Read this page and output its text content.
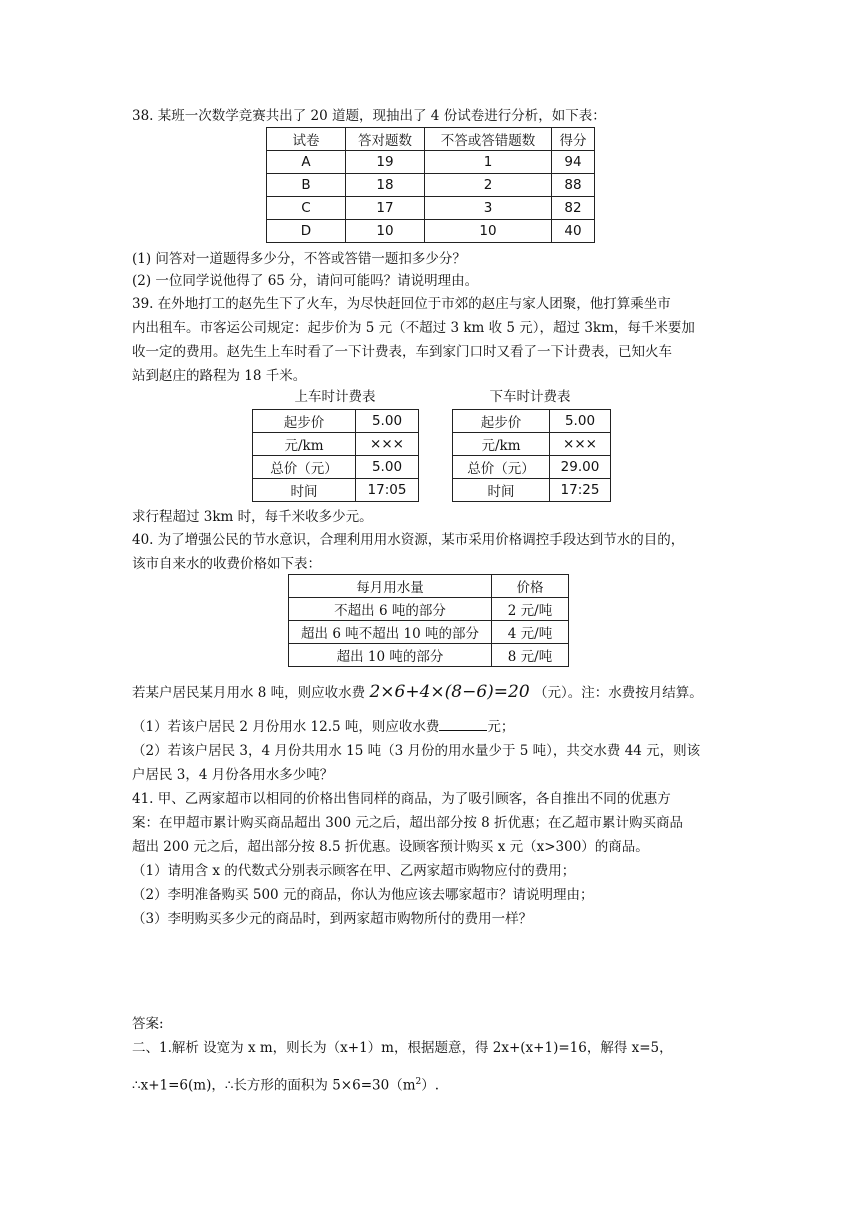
38. 某班一次数学竞赛共出了 20 道题，现抽出了 4 份试卷进行分析，如下表：
试卷	答对题数	不答或答错题数	得分
A	19	1	94
B	18	2	88
C	17	3	82
D	10	10	40
(1) 问答对一道题得多少分，不答或答错一题扣多少分？
(2) 一位同学说他得了 65 分，请问可能吗？请说明理由。
39. 在外地打工的赵先生下了火车，为尽快赶回位于市郊的赵庄与家人团聚，他打算乘坐市
内出租车。市客运公司规定：起步价为 5 元（不超过 3 km 收 5 元），超过 3km，每千米要加
收一定的费用。赵先生上车时看了一下计费表，车到家门口时又看了一下计费表，已知火车
站到赵庄的路程为 18 千米。
上车时计费表	下车时计费表
起步价	5.00
元/km	×××
总价（元）	5.00
时间	17:05
起步价	5.00
元/km	×××
总价（元）	29.00
时间	17:25
求行程超过 3km 时，每千米收多少元。
40. 为了增强公民的节水意识，合理利用用水资源，某市采用价格调控手段达到节水的目的，
该市自来水的收费价格如下表：
每月用水量	价格
不超出 6 吨的部分	2 元/吨
超出 6 吨不超出 10 吨的部分	4 元/吨
超出 10 吨的部分	8 元/吨
若某户居民某月用水 8 吨，则应收水费 2×6+4×(8−6)=20 （元）。注：水费按月结算。
（1）若该户居民 2 月份用水 12.5 吨，则应收水费	元；
（2）若该户居民 3，4 月份共用水 15 吨（3 月份的用水量少于 5 吨），共交水费 44 元，则该
户居民 3，4 月份各用水多少吨？
41. 甲、乙两家超市以相同的价格出售同样的商品，为了吸引顾客，各自推出不同的优惠方
案：在甲超市累计购买商品超出 300 元之后，超出部分按 8 折优惠；在乙超市累计购买商品
超出 200 元之后，超出部分按 8.5 折优惠。设顾客预计购买 x 元（x>300）的商品。
（1）请用含 x 的代数式分别表示顾客在甲、乙两家超市购物应付的费用；
（2）李明准备购买 500 元的商品，你认为他应该去哪家超市？请说明理由；
（3）李明购买多少元的商品时，到两家超市购物所付的费用一样？
答案:
二、1.解析 设宽为 x m，则长为（x+1）m，根据题意，得 2x+(x+1)=16，解得 x=5，
∴x+1=6(m)，∴长方形的面积为 $5\times 6=30(m^2)$.
